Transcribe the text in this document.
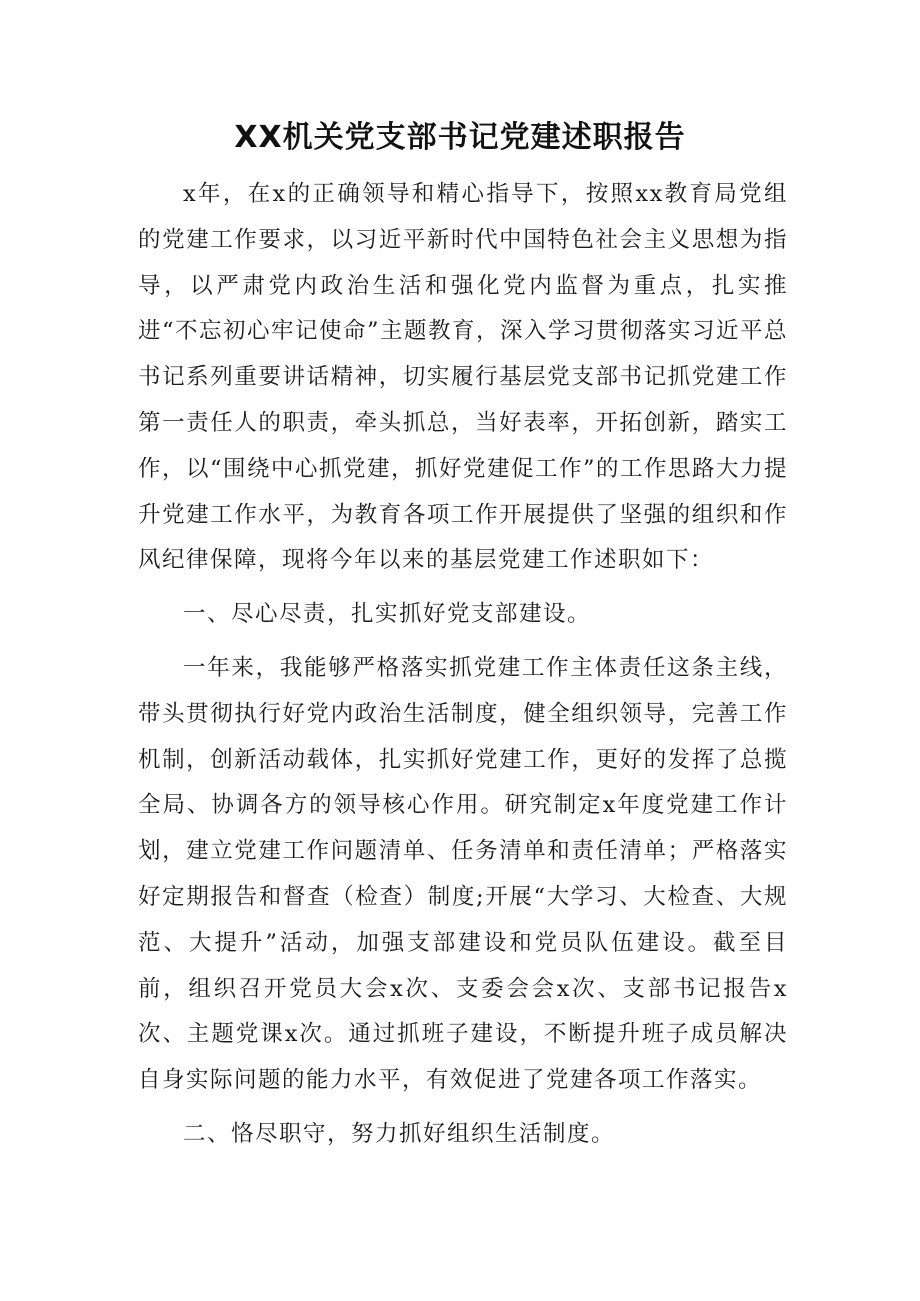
XX机关党支部书记党建述职报告

x年，在x的正确领导和精心指导下，按照xx教育局党组的党建工作要求，以习近平新时代中国特色社会主义思想为指导，以严肃党内政治生活和强化党内监督为重点，扎实推进“不忘初心牢记使命”主题教育，深入学习贯彻落实习近平总书记系列重要讲话精神，切实履行基层党支部书记抓党建工作第一责任人的职责，牵头抓总，当好表率，开拓创新，踏实工作，以“围绕中心抓党建，抓好党建促工作”的工作思路大力提升党建工作水平，为教育各项工作开展提供了坚强的组织和作风纪律保障，现将今年以来的基层党建工作述职如下：

一、尽心尽责，扎实抓好党支部建设。

一年来，我能够严格落实抓党建工作主体责任这条主线，带头贯彻执行好党内政治生活制度，健全组织领导，完善工作机制，创新活动载体，扎实抓好党建工作，更好的发挥了总揽全局、协调各方的领导核心作用。研究制定x年度党建工作计划，建立党建工作问题清单、任务清单和责任清单；严格落实好定期报告和督查（检查）制度;开展“大学习、大检查、大规范、大提升”活动，加强支部建设和党员队伍建设。截至目前，组织召开党员大会x次、支委会会x次、支部书记报告x次、主题党课x次。通过抓班子建设，不断提升班子成员解决自身实际问题的能力水平，有效促进了党建各项工作落实。

二、恪尽职守，努力抓好组织生活制度。
